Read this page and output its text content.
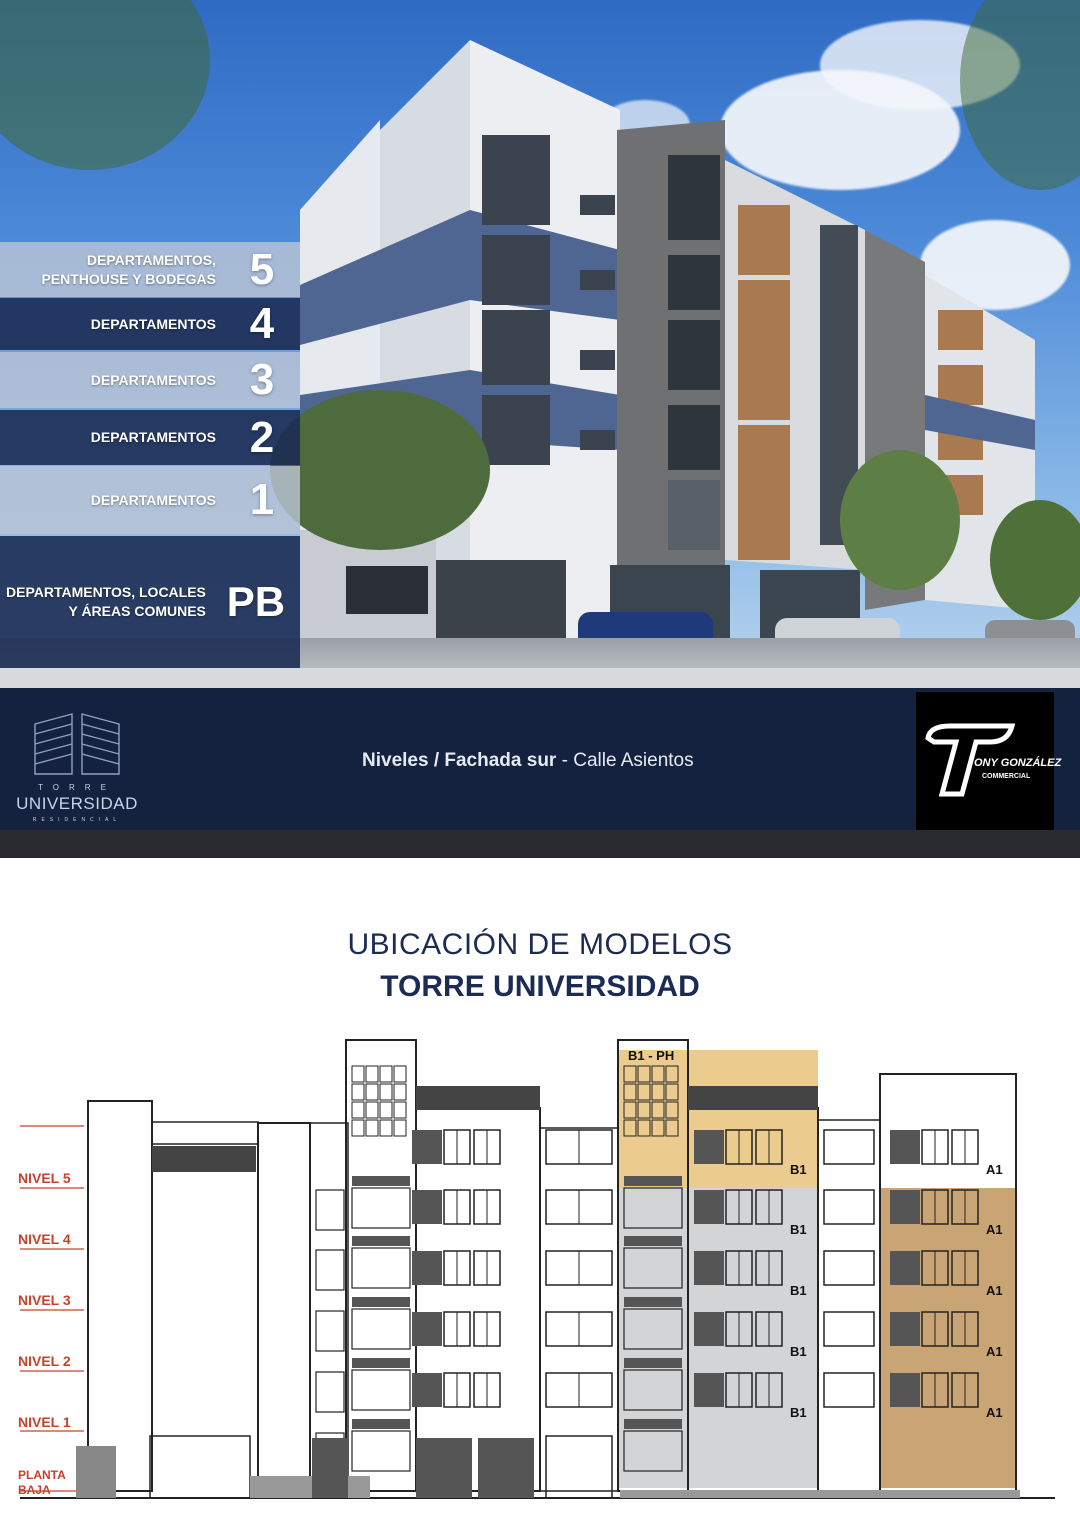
DEPARTAMENTOS,
PENTHOUSE Y BODEGAS 5
DEPARTAMENTOS 4
DEPARTAMENTOS 3
DEPARTAMENTOS 2
DEPARTAMENTOS 1
DEPARTAMENTOS, LOCALES
Y ÁREAS COMUNES PB
TORRE
UNIVERSIDAD
RESIDENCIAL
Niveles / Fachada sur - Calle Asientos	ONY GONZÁLEZ
COMMERCIAL
UBICACIÓN DE MODELOS
TORRE UNIVERSIDAD
NIVEL 5
NIVEL 4
NIVEL 3
NIVEL 2
NIVEL 1
PLANTA
BAJA
B1 - PH
B1
B1
B1
B1
B1
A1
A1
A1
A1
A1
